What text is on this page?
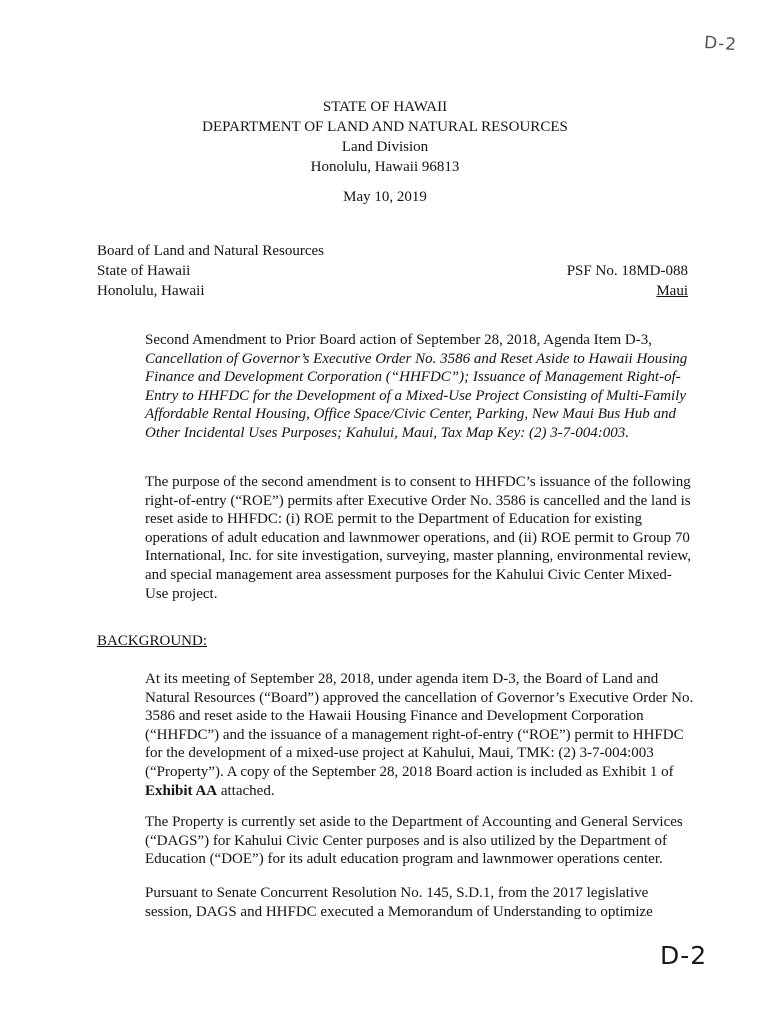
D-2
STATE OF HAWAII
DEPARTMENT OF LAND AND NATURAL RESOURCES
Land Division
Honolulu, Hawaii 96813
May 10, 2019
Board of Land and Natural Resources
State of Hawaii
Honolulu, Hawaii
PSF No. 18MD-088
Maui
Second Amendment to Prior Board action of September 28, 2018, Agenda Item D-3, Cancellation of Governor’s Executive Order No. 3586 and Reset Aside to Hawaii Housing Finance and Development Corporation (“HHFDC”); Issuance of Management Right-of-Entry to HHFDC for the Development of a Mixed-Use Project Consisting of Multi-Family Affordable Rental Housing, Office Space/Civic Center, Parking, New Maui Bus Hub and Other Incidental Uses Purposes; Kahului, Maui, Tax Map Key: (2) 3-7-004:003.
The purpose of the second amendment is to consent to HHFDC’s issuance of the following right-of-entry (“ROE”) permits after Executive Order No. 3586 is cancelled and the land is reset aside to HHFDC: (i) ROE permit to the Department of Education for existing operations of adult education and lawnmower operations, and (ii) ROE permit to Group 70 International, Inc. for site investigation, surveying, master planning, environmental review, and special management area assessment purposes for the Kahului Civic Center Mixed-Use project.
BACKGROUND:
At its meeting of September 28, 2018, under agenda item D-3, the Board of Land and Natural Resources (“Board”) approved the cancellation of Governor’s Executive Order No. 3586 and reset aside to the Hawaii Housing Finance and Development Corporation (“HHFDC”) and the issuance of a management right-of-entry (“ROE”) permit to HHFDC for the development of a mixed-use project at Kahului, Maui, TMK: (2) 3-7-004:003 (“Property”). A copy of the September 28, 2018 Board action is included as Exhibit 1 of Exhibit AA attached.
The Property is currently set aside to the Department of Accounting and General Services (“DAGS”) for Kahului Civic Center purposes and is also utilized by the Department of Education (“DOE”) for its adult education program and lawnmower operations center.
Pursuant to Senate Concurrent Resolution No. 145, S.D.1, from the 2017 legislative session, DAGS and HHFDC executed a Memorandum of Understanding to optimize
D-2
